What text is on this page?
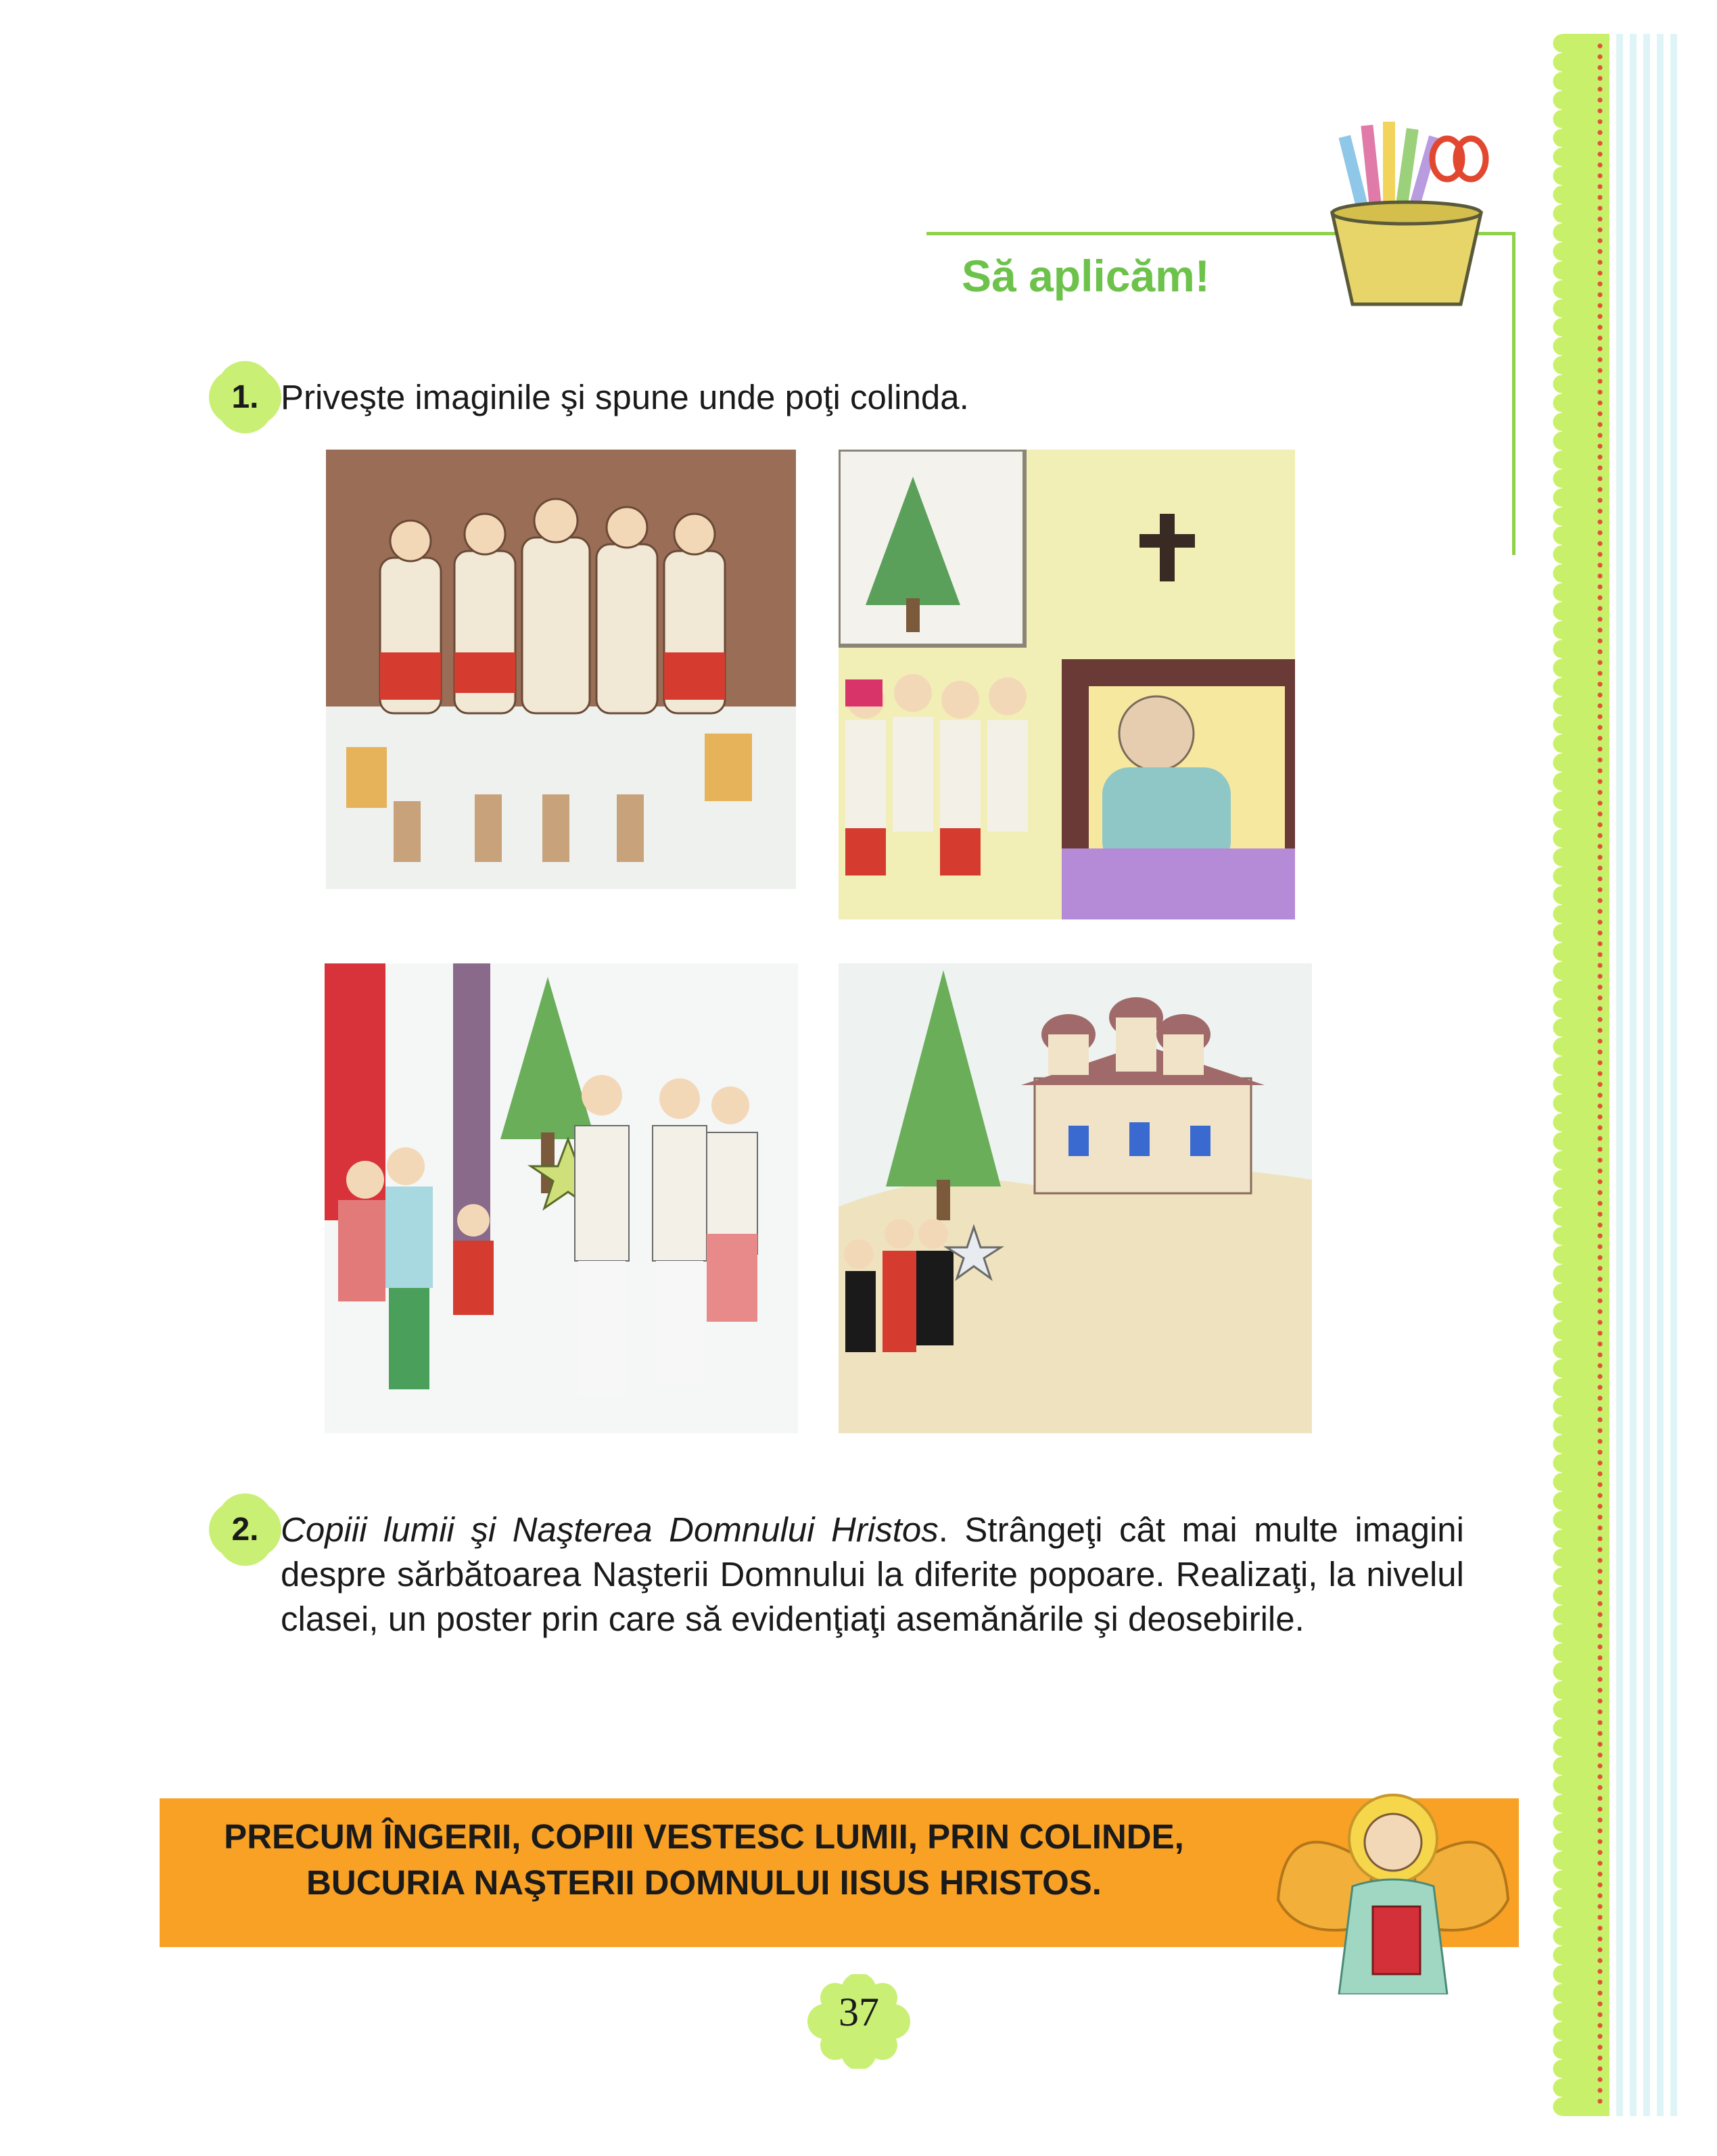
Să aplicăm!
1. Priveşte imaginile şi spune unde poţi colinda.
2. Copiii lumii şi Naşterea Domnului Hristos. Strângeţi cât mai multe imagini despre sărbătoarea Naşterii Domnului la diferite popoare. Realizaţi, la nivelul clasei, un poster prin care să evidenţiaţi asemănările şi deosebirile.
PRECUM ÎNGERII, COPIII VESTESC LUMII, PRIN COLINDE,
BUCURIA NAŞTERII DOMNULUI IISUS HRISTOS.
37
